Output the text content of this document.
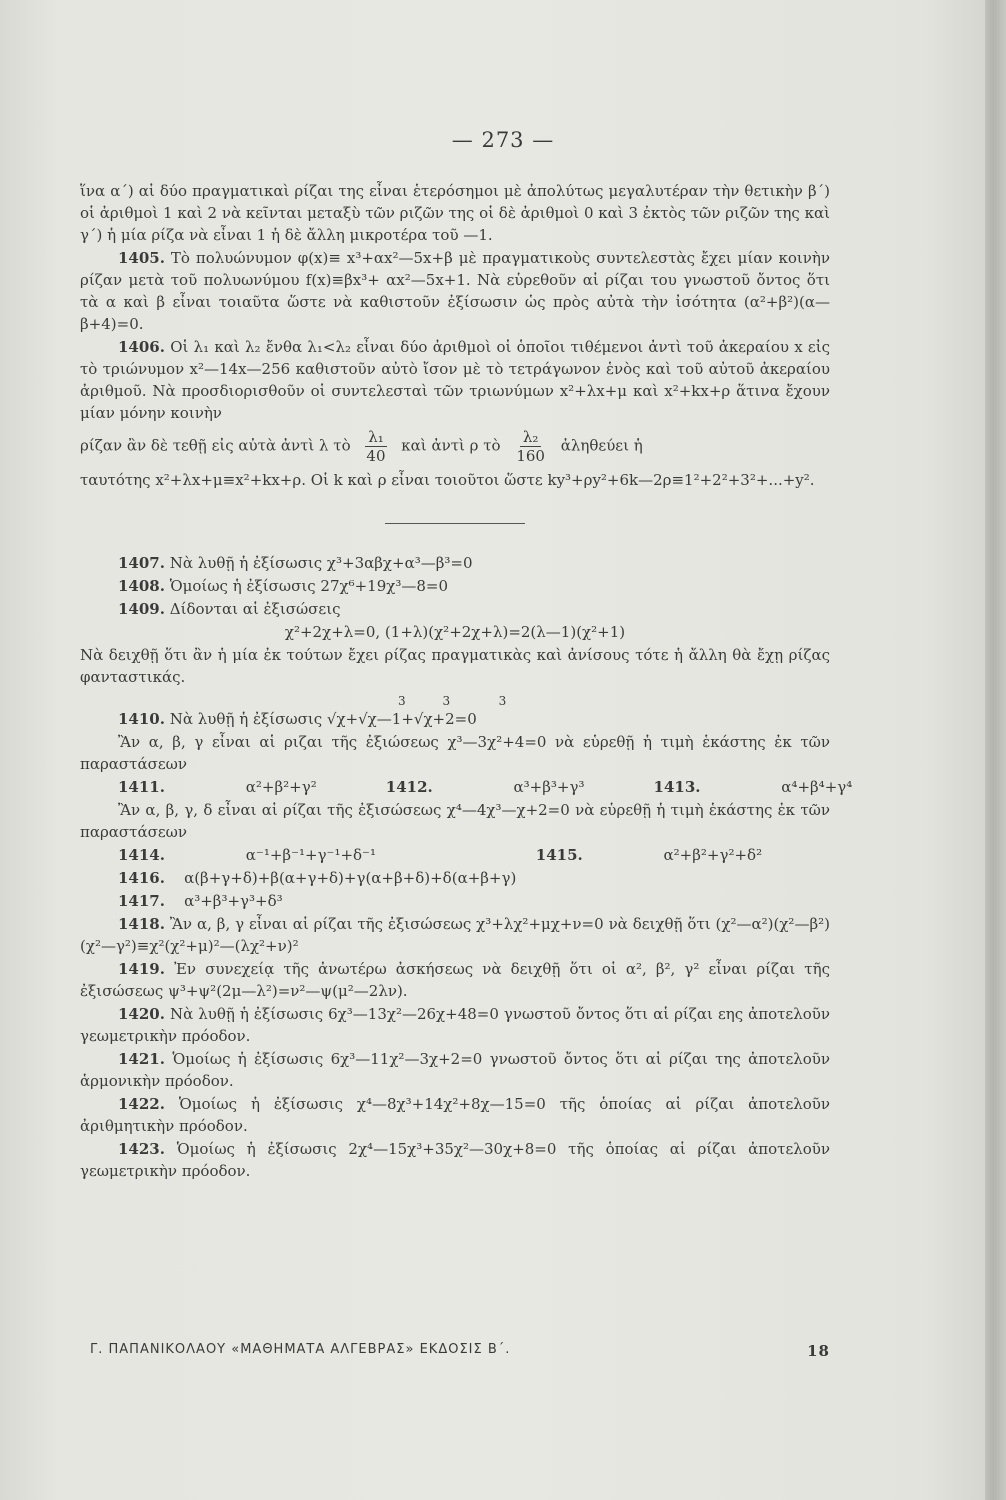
— 273 —

ἵνα α΄) αἱ δύο πραγματικαὶ ρίζαι της εἶναι ἑτερόσημοι μὲ ἀπολύτως μεγαλυτέραν τὴν θετικὴν β΄) οἱ ἀριθμοὶ 1 καὶ 2 νὰ κεῖνται μεταξὺ τῶν ριζῶν της οἱ δὲ ἀριθμοὶ 0 καὶ 3 ἐκτὸς τῶν ριζῶν της καὶ γ΄) ἡ μία ρίζα νὰ εἶναι 1 ἡ δὲ ἄλλη μικροτέρα τοῦ —1.

1405. Τὸ πολυώνυμον φ(x)≡ x³+αx²—5x+β μὲ πραγματικοὺς συντελεστὰς ἔχει μίαν κοινὴν ρίζαν μετὰ τοῦ πολυωνύμου f(x)≡βx³+ αx²—5x+1. Νὰ εὑρεθοῦν αἱ ρίζαι του γνωστοῦ ὄντος ὅτι τὰ α καὶ β εἶναι τοιαῦτα ὥστε νὰ καθιστοῦν ἐξίσωσιν ὡς πρὸς αὐτὰ τὴν ἰσότητα (α²+β²)(α—β+4)=0.

1406. Οἱ λ₁ καὶ λ₂ ἔνθα λ₁<λ₂ εἶναι δύο ἀριθμοὶ οἱ ὁποῖοι τιθέμενοι ἀντὶ τοῦ ἀκεραίου x εἰς τὸ τριώνυμον x²—14x—256 καθιστοῦν αὐτὸ ἴσον μὲ τὸ τετράγωνον ἑνὸς καὶ τοῦ αὐτοῦ ἀκεραίου ἀριθμοῦ. Νὰ προσδιορισθοῦν οἱ συντελεσταὶ τῶν τριωνύμων x²+λx+μ καὶ x²+kx+ρ ἅτινα ἔχουν μίαν μόνην κοινὴν

ρίζαν ἂν δὲ τεθῇ εἰς αὐτὰ ἀντὶ λ τὸ $\frac{\text{λ₁}}{40}$ καὶ ἀντὶ ρ τὸ $\frac{\text{λ₂}}{160}$ ἀληθεύει ἡ

ταυτότης x²+λx+μ≡x²+kx+ρ. Οἱ k καὶ ρ εἶναι τοιοῦτοι ὥστε ky³+ρy²+6k—2ρ≡1²+2²+3²+...+y².

1407. Νὰ λυθῇ ἡ ἐξίσωσις χ³+3αβχ+α³—β³=0

1408. Ὁμοίως ἡ ἐξίσωσις 27χ⁶+19χ³—8=0

1409. Δίδονται αἱ ἐξισώσεις

χ²+2χ+λ=0, (1+λ)(χ²+2χ+λ)=2(λ—1)(χ²+1)

Νὰ δειχθῇ ὅτι ἂν ἡ μία ἐκ τούτων ἔχει ρίζας πραγματικὰς καὶ ἀνίσους τότε ἡ ἄλλη θὰ ἔχῃ ρίζας φανταστικάς.

3      3        3

1410. Νὰ λυθῇ ἡ ἐξίσωσις √χ+√χ—1+√χ+2=0

Ἂν α, β, γ εἶναι αἱ ριζαι τῆς ἐξιώσεως χ³—3χ²+4=0 νὰ εὑρεθῇ ἡ τιμὴ ἑκάστης ἐκ τῶν παραστάσεων

1411.
	α²+β²+γ²	1412.
	α³+β³+γ³	1413.
	α⁴+β⁴+γ⁴

Ἂν α, β, γ, δ εἶναι αἱ ρίζαι τῆς ἐξισώσεως χ⁴—4χ³—χ+2=0 νὰ εὑρεθῇ ἡ τιμὴ ἑκάστης ἐκ τῶν παραστάσεων

1414.
	α⁻¹+β⁻¹+γ⁻¹+δ⁻¹	1415.
	α²+β²+γ²+δ²

1416. α(β+γ+δ)+β(α+γ+δ)+γ(α+β+δ)+δ(α+β+γ)

1417. α³+β³+γ³+δ³

1418. Ἂν α, β, γ εἶναι αἱ ρίζαι τῆς ἐξισώσεως χ³+λχ²+μχ+ν=0 νὰ δειχθῇ ὅτι (χ²—α²)(χ²—β²)(χ²—γ²)≡χ²(χ²+μ)²—(λχ²+ν)²

1419. Ἐν συνεχείᾳ τῆς ἀνωτέρω ἀσκήσεως νὰ δειχθῇ ὅτι οἱ α², β², γ² εἶναι ρίζαι τῆς ἐξισώσεως ψ³+ψ²(2μ—λ²)=ν²—ψ(μ²—2λν).

1420. Νὰ λυθῇ ἡ ἐξίσωσις 6χ³—13χ²—26χ+48=0 γνωστοῦ ὄντος ὅτι αἱ ρίζαι εης ἀποτελοῦν γεωμετρικὴν πρόοδον.

1421. Ὁμοίως ἡ ἐξίσωσις 6χ³—11χ²—3χ+2=0 γνωστοῦ ὄντος ὅτι αἱ ρίζαι της ἀποτελοῦν ἁρμονικὴν πρόοδον.

1422. Ὁμοίως ἡ ἐξίσωσις χ⁴—8χ³+14χ²+8χ—15=0 τῆς ὁποίας αἱ ρίζαι ἀποτελοῦν ἀριθμητικὴν πρόοδον.

1423. Ὁμοίως ἡ ἐξίσωσις 2χ⁴—15χ³+35χ²—30χ+8=0 τῆς ὁποίας αἱ ρίζαι ἀποτελοῦν γεωμετρικὴν πρόοδον.

Γ. ΠΑΠΑΝΙΚΟΛΑΟΥ «ΜΑΘΗΜΑΤΑ ΑΛΓΕΒΡΑΣ» ΕΚΔΟΣΙΣ Β΄.	18
